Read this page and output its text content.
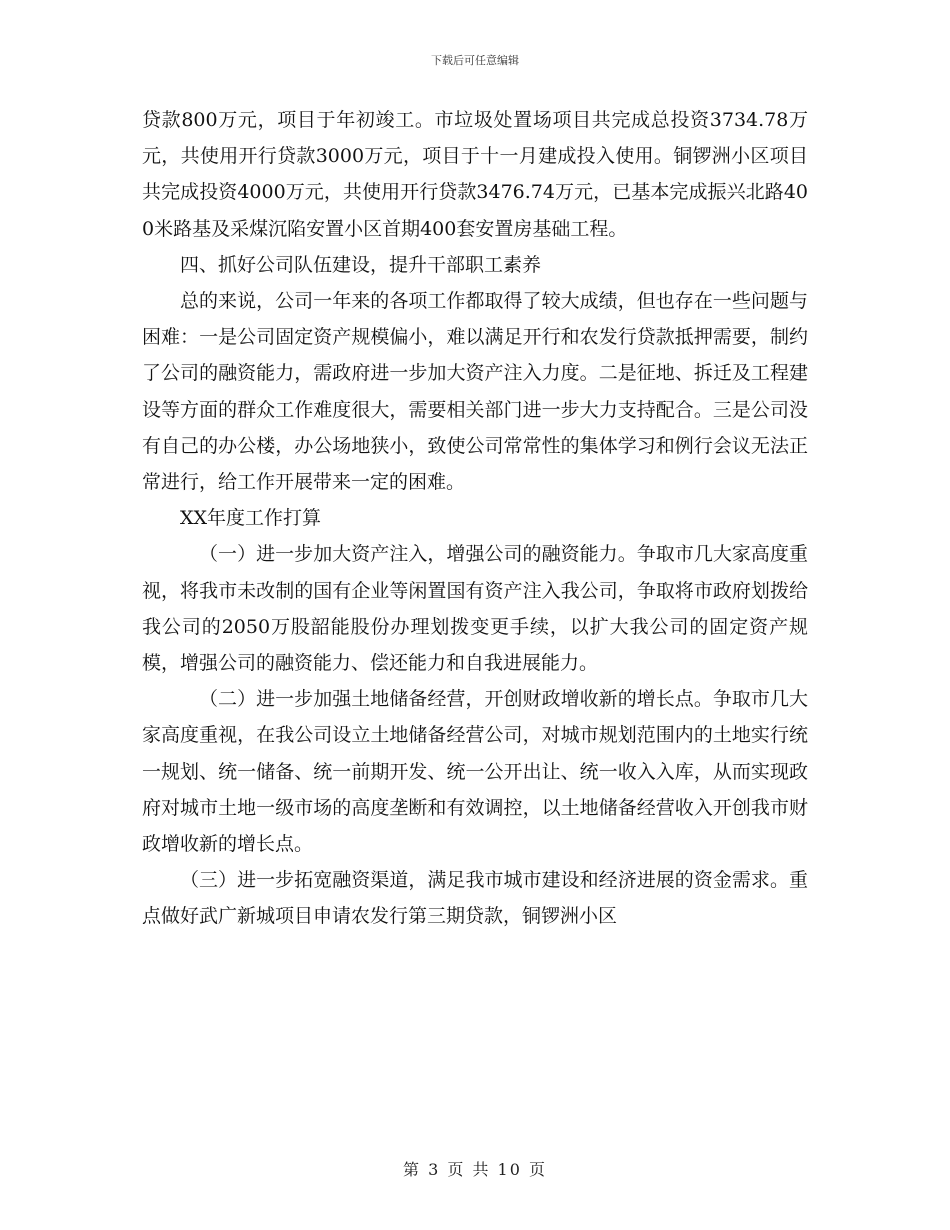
下载后可任意编辑

贷款800万元，项目于年初竣工。市垃圾处置场项目共完成总投资3734.78万元，共使用开行贷款3000万元，项目于十一月建成投入使用。铜锣洲小区项目共完成投资4000万元，共使用开行贷款3476.74万元，已基本完成振兴北路400米路基及采煤沉陷安置小区首期400套安置房基础工程。

四、抓好公司队伍建设，提升干部职工素养

总的来说，公司一年来的各项工作都取得了较大成绩，但也存在一些问题与困难：一是公司固定资产规模偏小，难以满足开行和农发行贷款抵押需要，制约了公司的融资能力，需政府进一步加大资产注入力度。二是征地、拆迁及工程建设等方面的群众工作难度很大，需要相关部门进一步大力支持配合。三是公司没有自己的办公楼，办公场地狭小，致使公司常常性的集体学习和例行会议无法正常进行，给工作开展带来一定的困难。

XX年度工作打算

（一）进一步加大资产注入，增强公司的融资能力。争取市几大家高度重视，将我市未改制的国有企业等闲置国有资产注入我公司，争取将市政府划拨给我公司的2050万股韶能股份办理划拨变更手续，以扩大我公司的固定资产规模，增强公司的融资能力、偿还能力和自我进展能力。

（二）进一步加强土地储备经营，开创财政增收新的增长点。争取市几大家高度重视，在我公司设立土地储备经营公司，对城市规划范围内的土地实行统一规划、统一储备、统一前期开发、统一公开出让、统一收入入库，从而实现政府对城市土地一级市场的高度垄断和有效调控，以土地储备经营收入开创我市财政增收新的增长点。

（三）进一步拓宽融资渠道，满足我市城市建设和经济进展的资金需求。重点做好武广新城项目申请农发行第三期贷款，铜锣洲小区

第 3 页 共 10 页
